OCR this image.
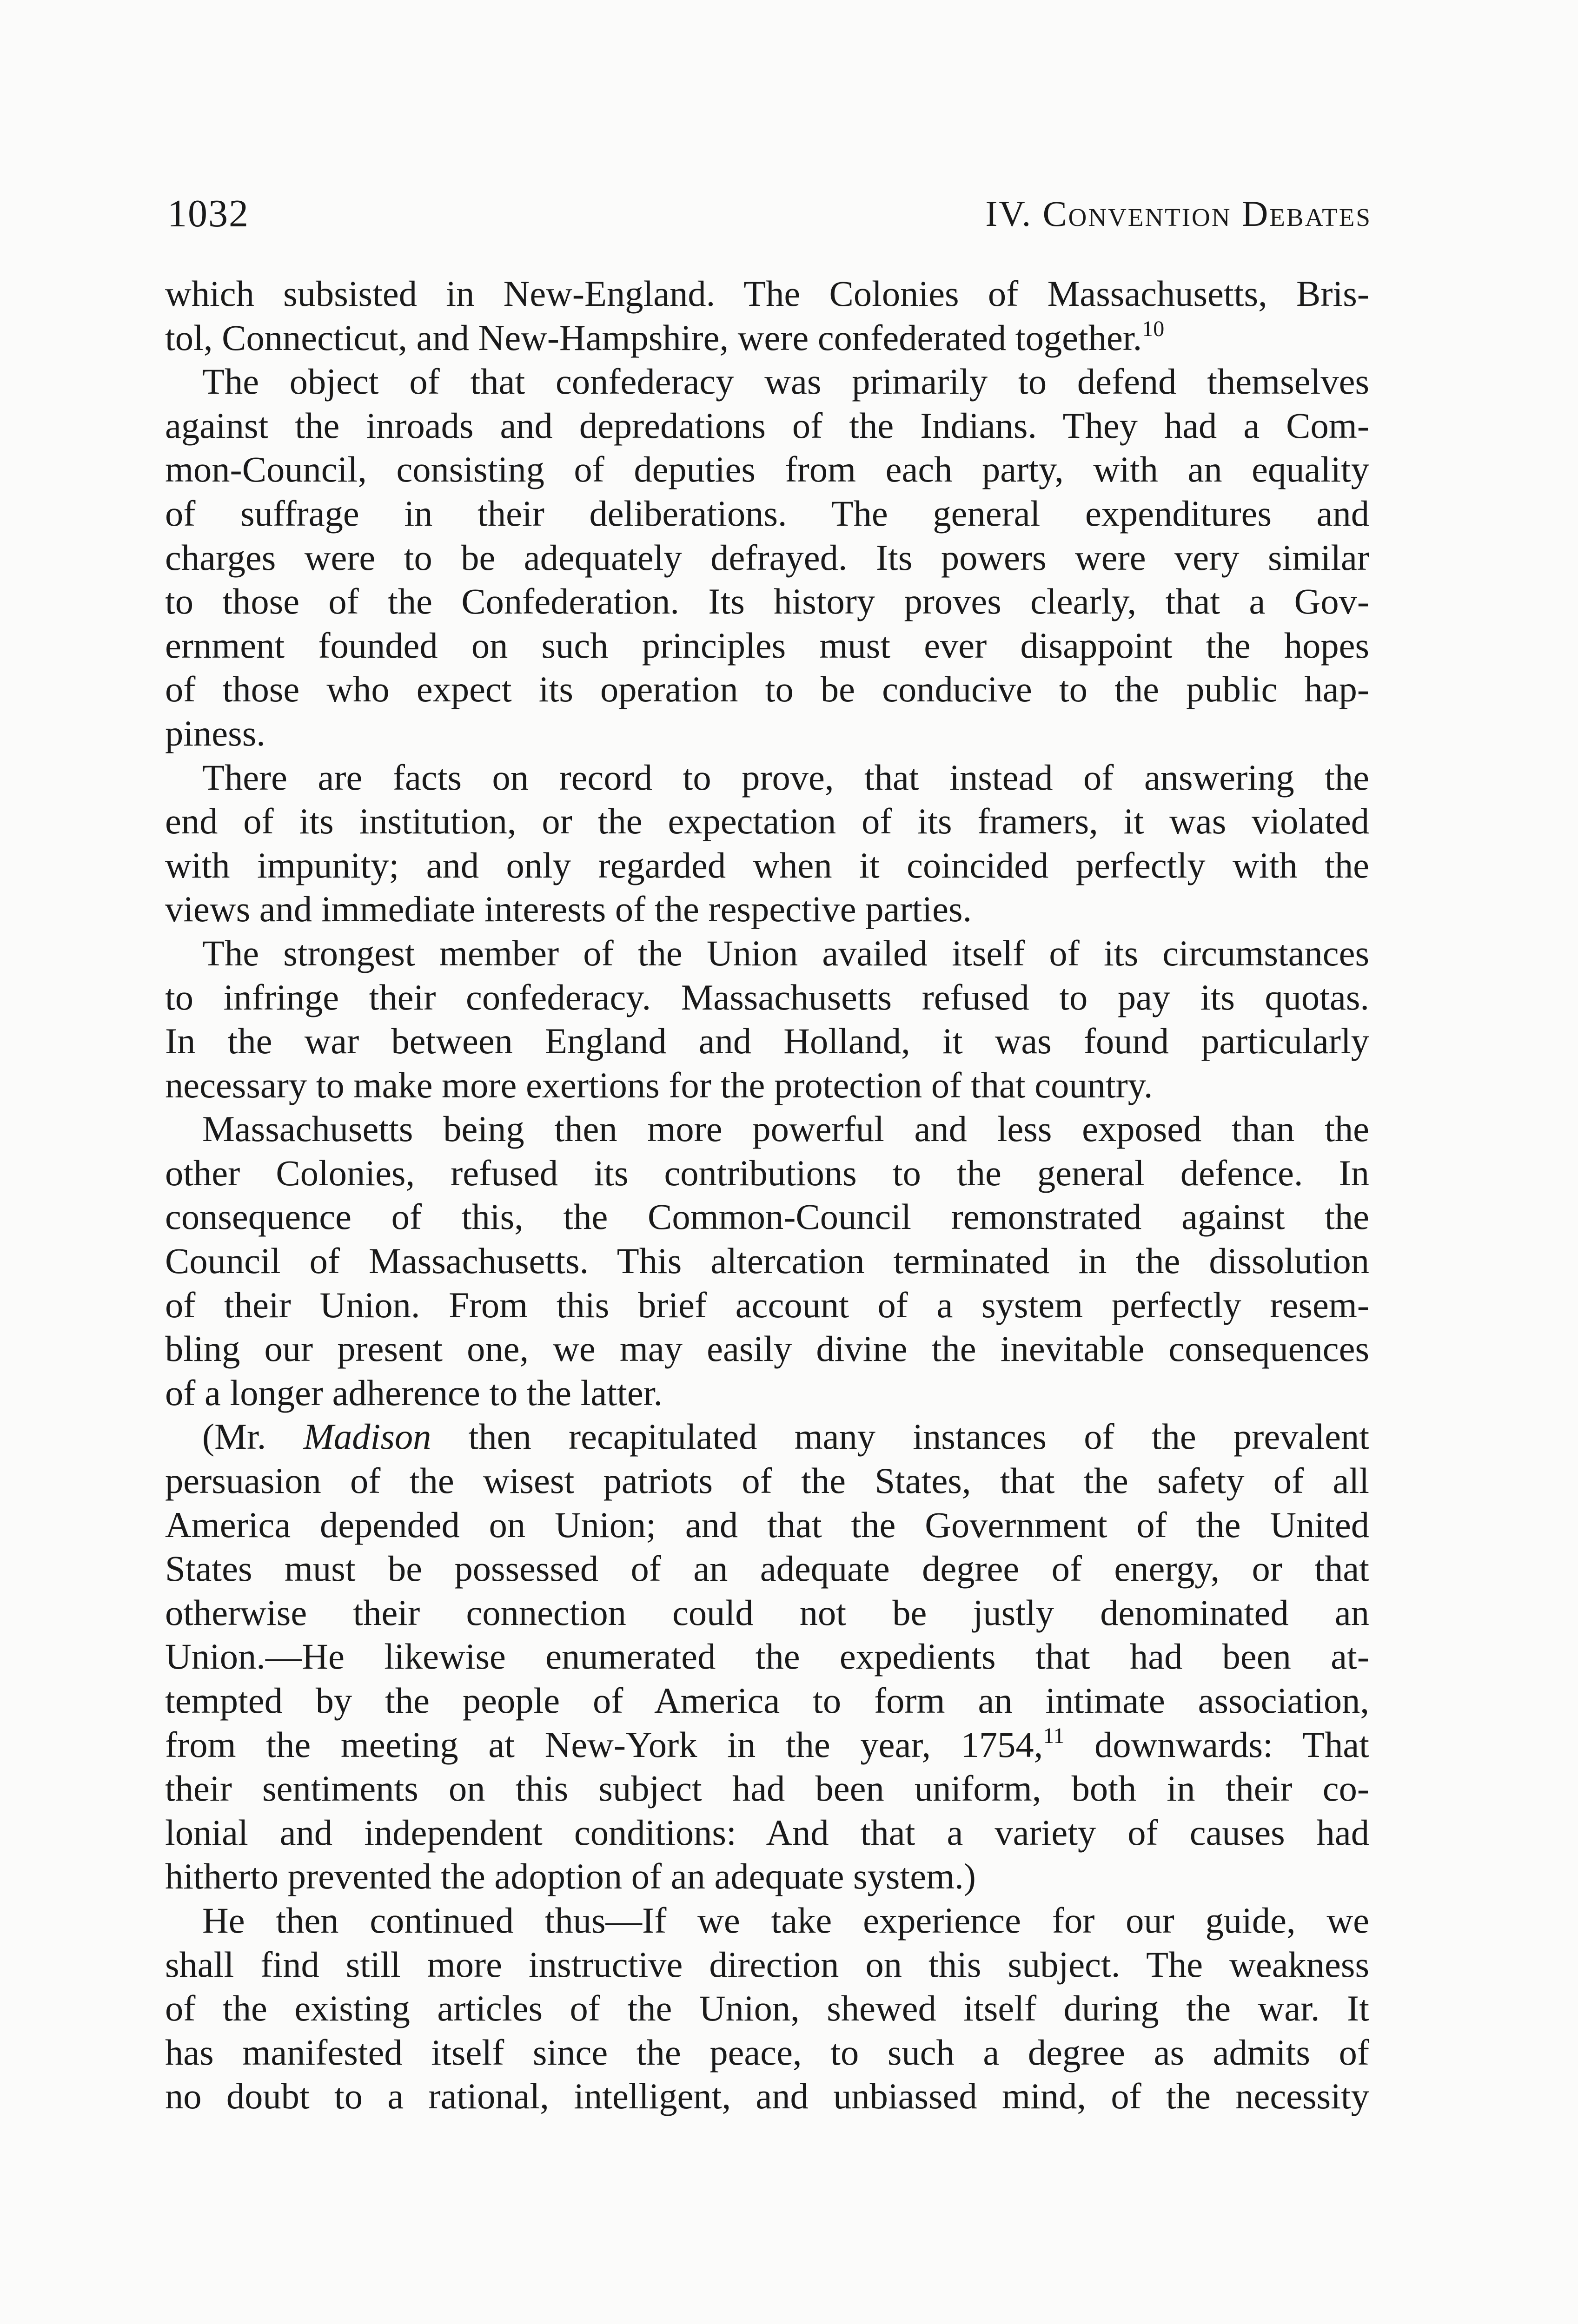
1032	IV. Convention Debates

which subsisted in New-England. The Colonies of Massachusetts, Bris-
tol, Connecticut, and New-Hampshire, were confederated together.$^{10}$

The object of that confederacy was primarily to defend themselves
against the inroads and depredations of the Indians. They had a Com-
mon-Council, consisting of deputies from each party, with an equality
of suffrage in their deliberations. The general expenditures and
charges were to be adequately defrayed. Its powers were very similar
to those of the Confederation. Its history proves clearly, that a Gov-
ernment founded on such principles must ever disappoint the hopes
of those who expect its operation to be conducive to the public hap-
piness.

There are facts on record to prove, that instead of answering the
end of its institution, or the expectation of its framers, it was violated
with impunity; and only regarded when it coincided perfectly with the
views and immediate interests of the respective parties.

The strongest member of the Union availed itself of its circumstances
to infringe their confederacy. Massachusetts refused to pay its quotas.
In the war between England and Holland, it was found particularly
necessary to make more exertions for the protection of that country.

Massachusetts being then more powerful and less exposed than the
other Colonies, refused its contributions to the general defence. In
consequence of this, the Common-Council remonstrated against the
Council of Massachusetts. This altercation terminated in the dissolution
of their Union. From this brief account of a system perfectly resem-
bling our present one, we may easily divine the inevitable consequences
of a longer adherence to the latter.

(Mr. Madison then recapitulated many instances of the prevalent
persuasion of the wisest patriots of the States, that the safety of all
America depended on Union; and that the Government of the United
States must be possessed of an adequate degree of energy, or that
otherwise their connection could not be justly denominated an
Union.—He likewise enumerated the expedients that had been at-
tempted by the people of America to form an intimate association,
from the meeting at New-York in the year, 1754,11 downwards: That
their sentiments on this subject had been uniform, both in their co-
lonial and independent conditions: And that a variety of causes had
hitherto prevented the adoption of an adequate system.)

He then continued thus—If we take experience for our guide, we
shall find still more instructive direction on this subject. The weakness
of the existing articles of the Union, shewed itself during the war. It
has manifested itself since the peace, to such a degree as admits of
no doubt to a rational, intelligent, and unbiassed mind, of the necessity
